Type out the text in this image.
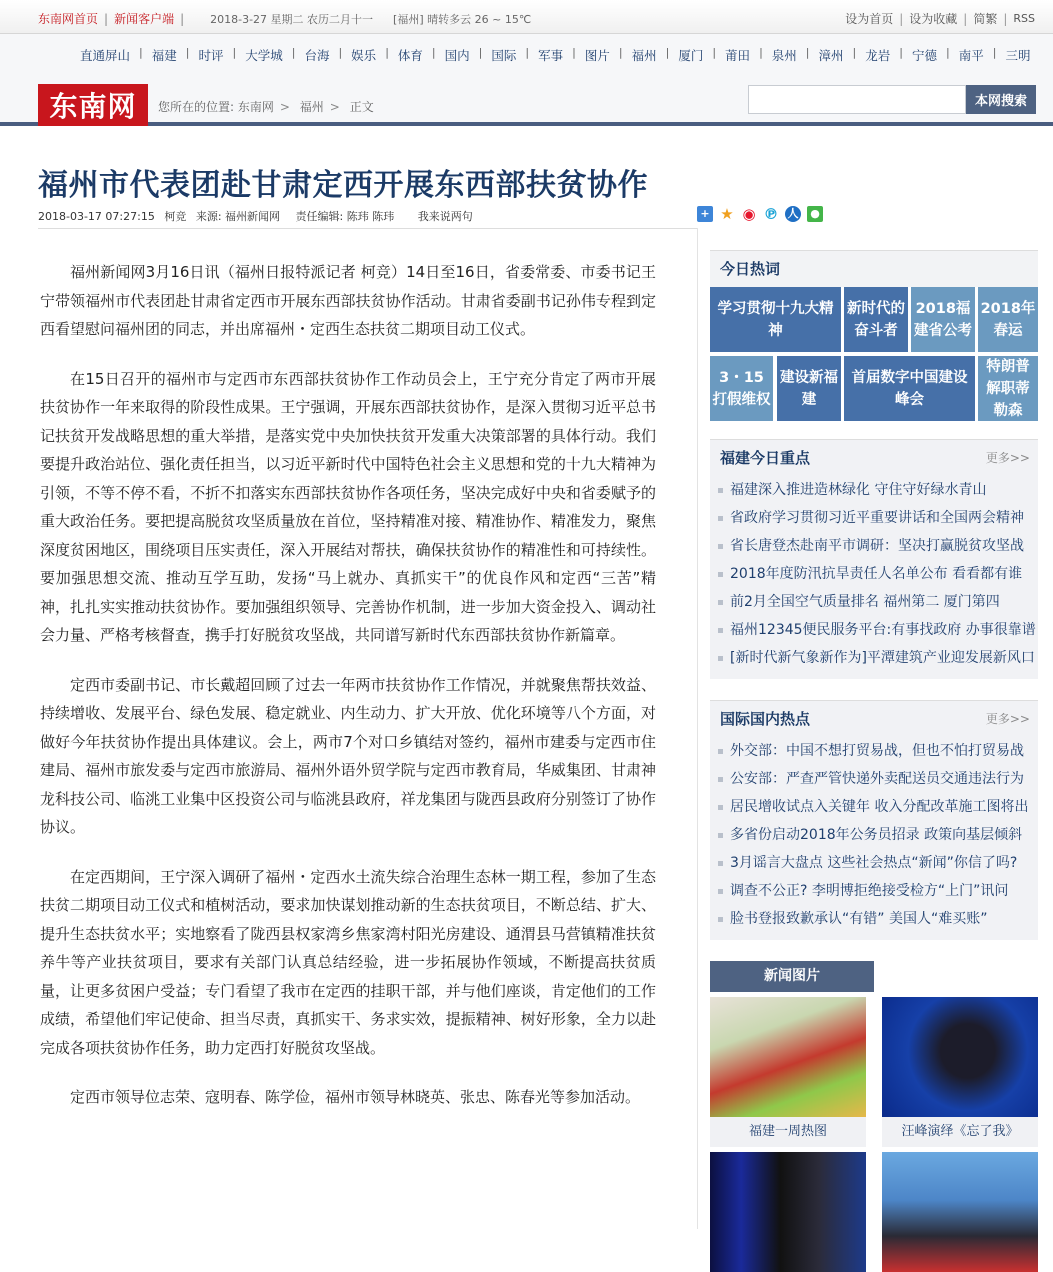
东南网首页 | 新闻客户端 | 2018-3-27 星期二 农历二月十一 [福州] 晴转多云 26 ~ 15℃	设为首页 | 设为收藏 | 简繁 | RSS
直通屏山 | 福建 | 时评 | 大学城 | 台海 | 娱乐 | 体育 | 国内 | 国际 | 军事 | 图片 | 福州 | 厦门 | 莆田 | 泉州 | 漳州 | 龙岩 | 宁德 | 南平 | 三明
东南网	您所在的位置: 东南网 > 福州 > 正文	本网搜索
福州市代表团赴甘肃定西开展东西部扶贫协作
2018-03-17 07:27:15 柯竞 来源: 福州新闻网 责任编辑: 陈玮 陈玮 我来说两句	+ ★ ◉ ℗ 人 ●

福州新闻网3月16日讯（福州日报特派记者 柯竞）14日至16日，省委常委、市委书记王宁带领福州市代表团赴甘肃省定西市开展东西部扶贫协作活动。甘肃省委副书记孙伟专程到定西看望慰问福州团的同志，并出席福州・定西生态扶贫二期项目动工仪式。

在15日召开的福州市与定西市东西部扶贫协作工作动员会上，王宁充分肯定了两市开展扶贫协作一年来取得的阶段性成果。王宁强调，开展东西部扶贫协作，是深入贯彻习近平总书记扶贫开发战略思想的重大举措，是落实党中央加快扶贫开发重大决策部署的具体行动。我们要提升政治站位、强化责任担当，以习近平新时代中国特色社会主义思想和党的十九大精神为引领，不等不停不看，不折不扣落实东西部扶贫协作各项任务，坚决完成好中央和省委赋予的重大政治任务。要把提高脱贫攻坚质量放在首位，坚持精准对接、精准协作、精准发力，聚焦深度贫困地区，围绕项目压实责任，深入开展结对帮扶，确保扶贫协作的精准性和可持续性。要加强思想交流、推动互学互助，发扬“马上就办、真抓实干”的优良作风和定西“三苦”精神，扎扎实实推动扶贫协作。要加强组织领导、完善协作机制，进一步加大资金投入、调动社会力量、严格考核督查，携手打好脱贫攻坚战，共同谱写新时代东西部扶贫协作新篇章。

定西市委副书记、市长戴超回顾了过去一年两市扶贫协作工作情况，并就聚焦帮扶效益、持续增收、发展平台、绿色发展、稳定就业、内生动力、扩大开放、优化环境等八个方面，对做好今年扶贫协作提出具体建议。会上，两市7个对口乡镇结对签约，福州市建委与定西市住建局、福州市旅发委与定西市旅游局、福州外语外贸学院与定西市教育局，华威集团、甘肃神龙科技公司、临洮工业集中区投资公司与临洮县政府，祥龙集团与陇西县政府分别签订了协作协议。

在定西期间，王宁深入调研了福州・定西水土流失综合治理生态林一期工程，参加了生态扶贫二期项目动工仪式和植树活动，要求加快谋划推动新的生态扶贫项目，不断总结、扩大、提升生态扶贫水平；实地察看了陇西县权家湾乡焦家湾村阳光房建设、通渭县马营镇精准扶贫养牛等产业扶贫项目，要求有关部门认真总结经验，进一步拓展协作领域，不断提高扶贫质量，让更多贫困户受益；专门看望了我市在定西的挂职干部，并与他们座谈，肯定他们的工作成绩，希望他们牢记使命、担当尽责，真抓实干、务求实效，提振精神、树好形象，全力以赴完成各项扶贫协作任务，助力定西打好脱贫攻坚战。

定西市领导位志荣、寇明春、陈学俭，福州市领导林晓英、张忠、陈春光等参加活动。

今日热词
学习贯彻十九大精神
新时代的奋斗者
2018福建省公考
2018年春运
3・15打假维权
建设新福建
首届数字中国建设峰会
特朗普解职蒂勒森
福建今日重点	更多>>
福建深入推进造林绿化 守住守好绿水青山
省政府学习贯彻习近平重要讲话和全国两会精神
省长唐登杰赴南平市调研：坚决打赢脱贫攻坚战
2018年度防汛抗旱责任人名单公布 看看都有谁
前2月全国空气质量排名 福州第二 厦门第四
福州12345便民服务平台:有事找政府 办事很靠谱
[新时代新气象新作为]平潭建筑产业迎发展新风口
国际国内热点	更多>>
外交部：中国不想打贸易战，但也不怕打贸易战
公安部：严查严管快递外卖配送员交通违法行为
居民增收试点入关键年 收入分配改革施工图将出
多省份启动2018年公务员招录 政策向基层倾斜
3月谣言大盘点 这些社会热点“新闻”你信了吗?
调查不公正? 李明博拒绝接受检方“上门”讯问
脸书登报致歉承认“有错” 美国人“难买账”
新闻图片
福建一周热图	汪峰演绎《忘了我》
